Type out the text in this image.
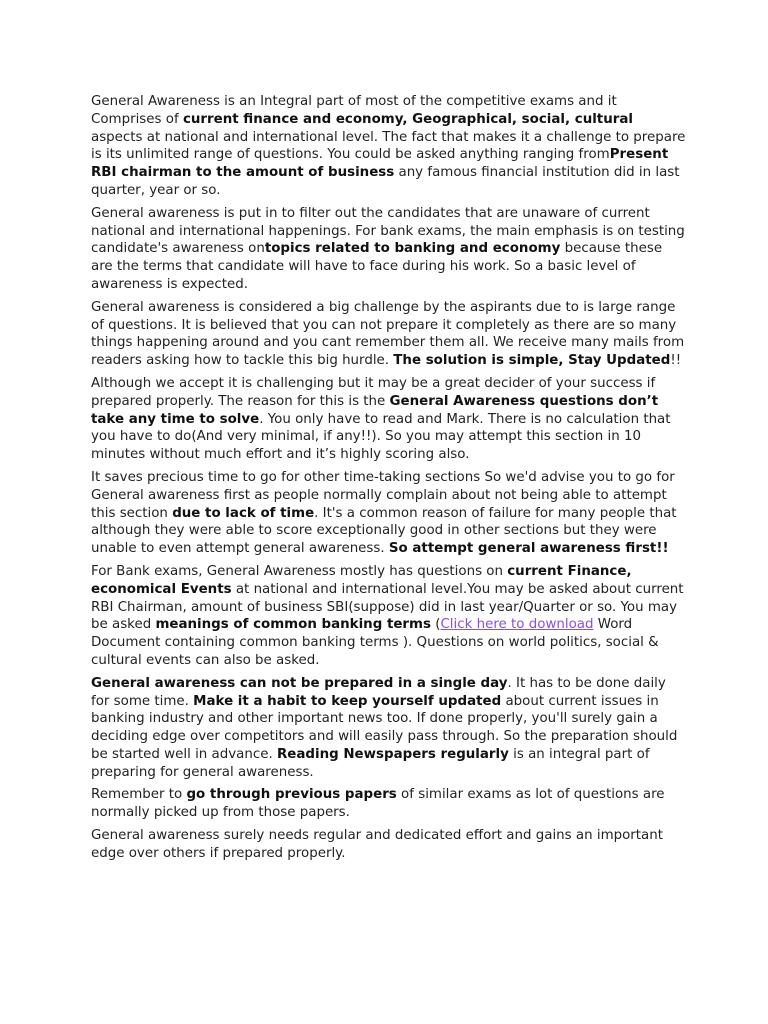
General Awareness is an Integral part of most of the competitive exams and it Comprises of current finance and economy, Geographical, social, cultural aspects at national and international level. The fact that makes it a challenge to prepare is its unlimited range of questions. You could be asked anything ranging fromPresent RBI chairman to the amount of business any famous financial institution did in last quarter, year or so.

General awareness is put in to filter out the candidates that are unaware of current national and international happenings. For bank exams, the main emphasis is on testing candidate's awareness ontopics related to banking and economy because these are the terms that candidate will have to face during his work. So a basic level of awareness is expected.

General awareness is considered a big challenge by the aspirants due to is large range of questions. It is believed that you can not prepare it completely as there are so many things happening around and you cant remember them all. We receive many mails from readers asking how to tackle this big hurdle. The solution is simple, Stay Updated!!

Although we accept it is challenging but it may be a great decider of your success if prepared properly. The reason for this is the General Awareness questions don’t take any time to solve. You only have to read and Mark. There is no calculation that you have to do(And very minimal, if any!!). So you may attempt this section in 10 minutes without much effort and it’s highly scoring also.

It saves precious time to go for other time-taking sections So we'd advise you to go for General awareness first as people normally complain about not being able to attempt this section due to lack of time. It's a common reason of failure for many people that although they were able to score exceptionally good in other sections but they were unable to even attempt general awareness. So attempt general awareness first!!

For Bank exams, General Awareness mostly has questions on current Finance, economical Events at national and international level.You may be asked about current RBI Chairman, amount of business SBI(suppose) did in last year/Quarter or so. You may be asked meanings of common banking terms (Click here to download Word Document containing common banking terms ). Questions on world politics, social & cultural events can also be asked.

General awareness can not be prepared in a single day. It has to be done daily for some time. Make it a habit to keep yourself updated about current issues in banking industry and other important news too. If done properly, you'll surely gain a deciding edge over competitors and will easily pass through. So the preparation should be started well in advance. Reading Newspapers regularly is an integral part of preparing for general awareness.

Remember to go through previous papers of similar exams as lot of questions are normally picked up from those papers.

General awareness surely needs regular and dedicated effort and gains an important edge over others if prepared properly.
